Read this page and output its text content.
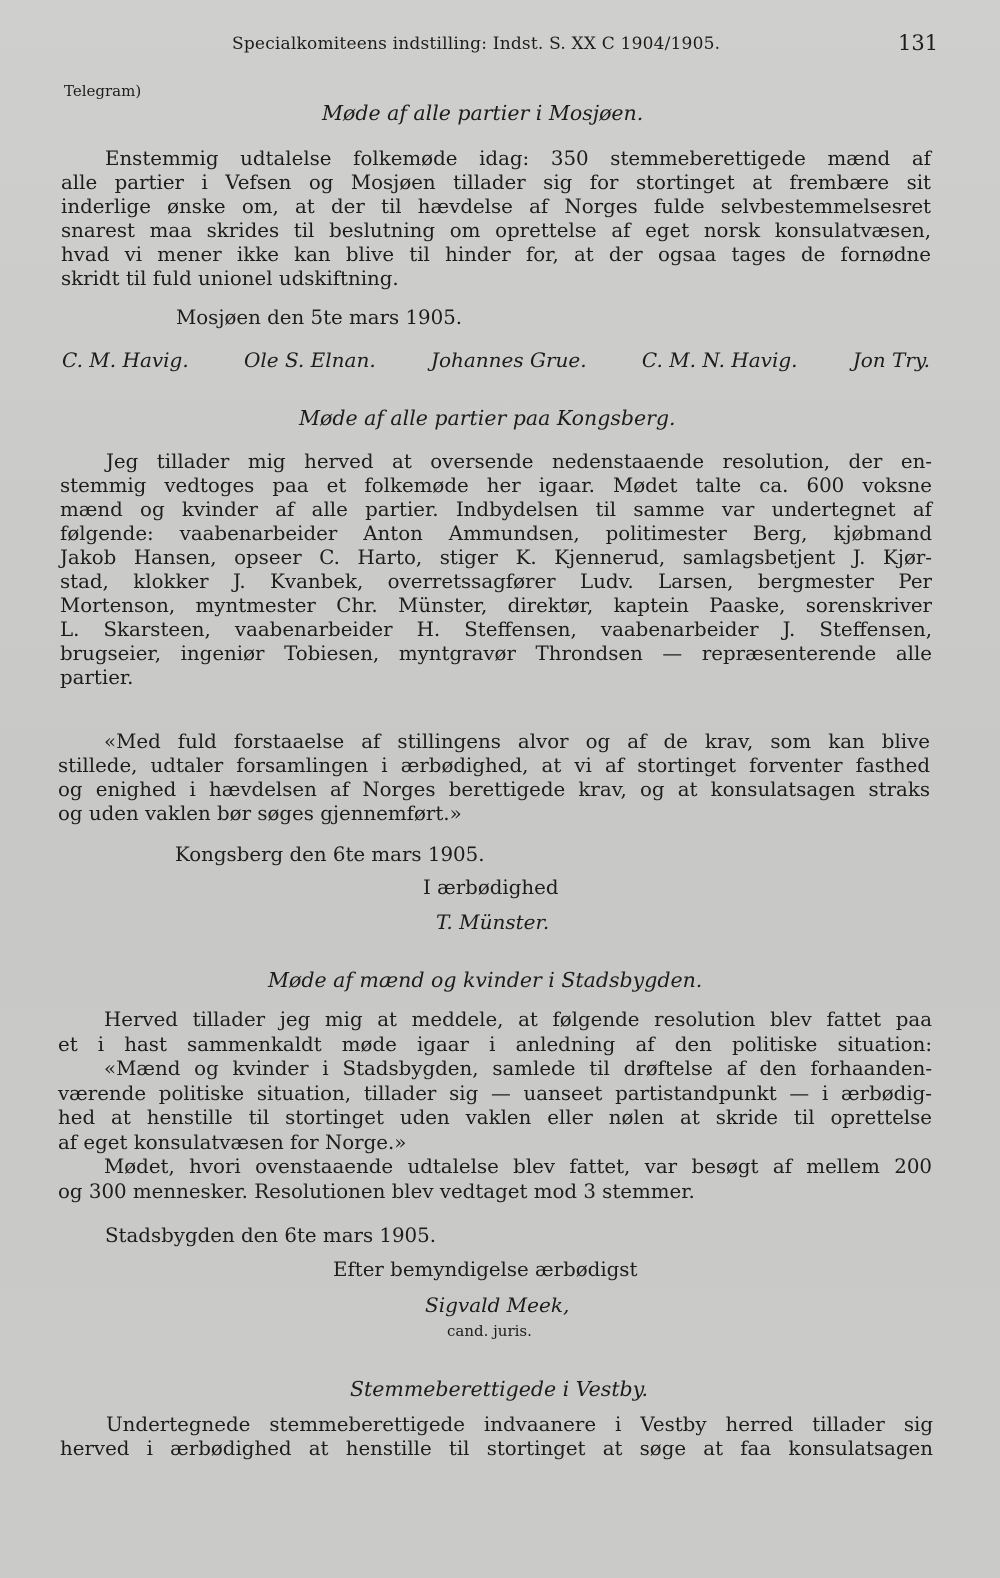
Specialkomiteens indstilling: Indst. S. XX C 1904/1905.	131
Telegram)
Møde af alle partier i Mosjøen.
Enstemmig udtalelse folkemøde idag: 350 stemmeberettigede mænd af
alle partier i Vefsen og Mosjøen tillader sig for stortinget at frembære sit
inderlige ønske om, at der til hævdelse af Norges fulde selvbestemmelsesret
snarest maa skrides til beslutning om oprettelse af eget norsk konsulatvæsen,
hvad vi mener ikke kan blive til hinder for, at der ogsaa tages de fornødne
skridt til fuld unionel udskiftning.
Mosjøen den 5te mars 1905.
C. M. Havig.	Ole S. Elnan.	Johannes Grue.	C. M. N. Havig.	Jon Try.
Møde af alle partier paa Kongsberg.
Jeg tillader mig herved at oversende nedenstaaende resolution, der en-
stemmig vedtoges paa et folkemøde her igaar. Mødet talte ca. 600 voksne
mænd og kvinder af alle partier. Indbydelsen til samme var undertegnet af
følgende: vaabenarbeider Anton Ammundsen, politimester Berg, kjøbmand
Jakob Hansen, opseer C. Harto, stiger K. Kjennerud, samlagsbetjent J. Kjør-
stad, klokker J. Kvanbek, overretssagfører Ludv. Larsen, bergmester Per
Mortenson, myntmester Chr. Münster, direktør, kaptein Paaske, sorenskriver
L. Skarsteen, vaabenarbeider H. Steffensen, vaabenarbeider J. Steffensen,
brugseier, ingeniør Tobiesen, myntgravør Throndsen — repræsenterende alle
partier.
«Med fuld forstaaelse af stillingens alvor og af de krav, som kan blive
stillede, udtaler forsamlingen i ærbødighed, at vi af stortinget forventer fasthed
og enighed i hævdelsen af Norges berettigede krav, og at konsulatsagen straks
og uden vaklen bør søges gjennemført.»
Kongsberg den 6te mars 1905.
I ærbødighed
T. Münster.
Møde af mænd og kvinder i Stadsbygden.
Herved tillader jeg mig at meddele, at følgende resolution blev fattet paa
et i hast sammenkaldt møde igaar i anledning af den politiske situation:
«Mænd og kvinder i Stadsbygden, samlede til drøftelse af den forhaanden-
værende politiske situation, tillader sig — uanseet partistandpunkt — i ærbødig-
hed at henstille til stortinget uden vaklen eller nølen at skride til oprettelse
af eget konsulatvæsen for Norge.»
Mødet, hvori ovenstaaende udtalelse blev fattet, var besøgt af mellem 200
og 300 mennesker. Resolutionen blev vedtaget mod 3 stemmer.
Stadsbygden den 6te mars 1905.
Efter bemyndigelse ærbødigst
Sigvald Meek,
cand. juris.
Stemmeberettigede i Vestby.
Undertegnede stemmeberettigede indvaanere i Vestby herred tillader sig
herved i ærbødighed at henstille til stortinget at søge at faa konsulatsagen
